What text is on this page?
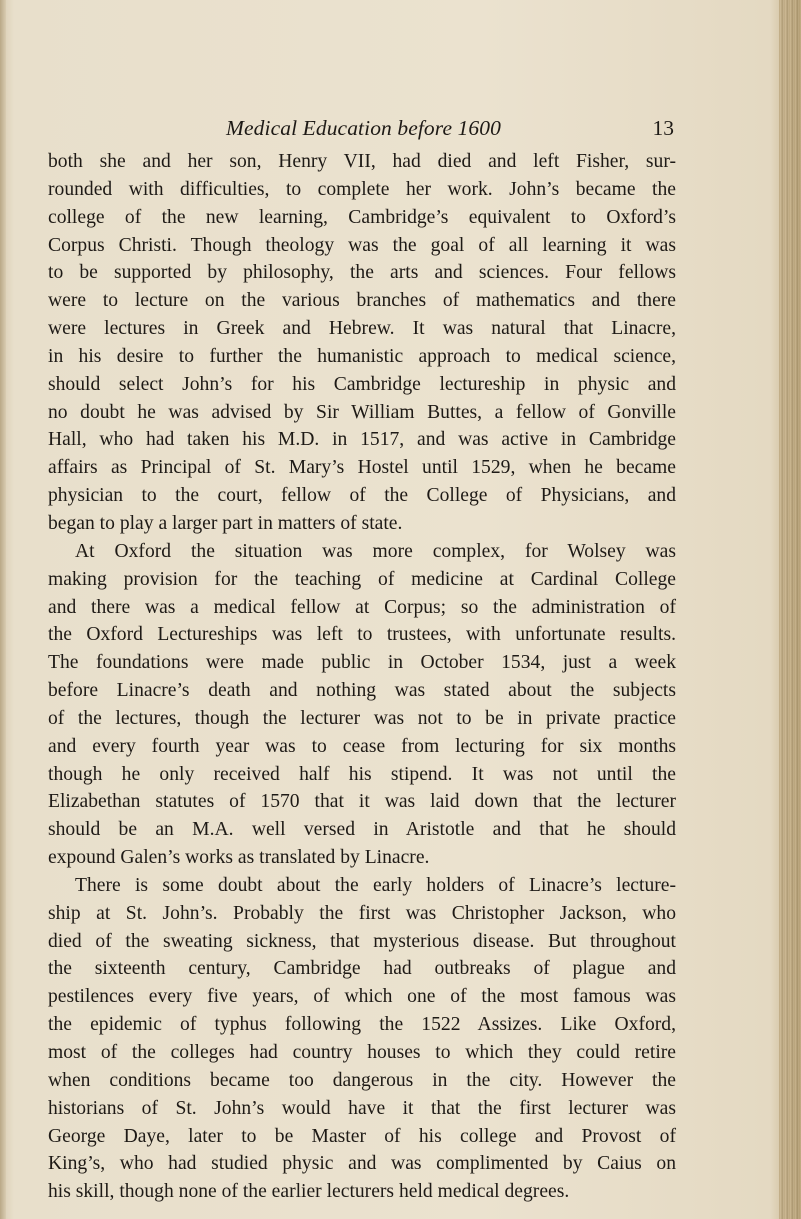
Medical Education before 1600	13
both she and her son, Henry VII, had died and left Fisher, sur-
rounded with difficulties, to complete her work. John’s became the
college of the new learning, Cambridge’s equivalent to Oxford’s
Corpus Christi. Though theology was the goal of all learning it was
to be supported by philosophy, the arts and sciences. Four fellows
were to lecture on the various branches of mathematics and there
were lectures in Greek and Hebrew. It was natural that Linacre,
in his desire to further the humanistic approach to medical science,
should select John’s for his Cambridge lectureship in physic and
no doubt he was advised by Sir William Buttes, a fellow of Gonville
Hall, who had taken his M.D. in 1517, and was active in Cambridge
affairs as Principal of St. Mary’s Hostel until 1529, when he became
physician to the court, fellow of the College of Physicians, and
began to play a larger part in matters of state.
At Oxford the situation was more complex, for Wolsey was
making provision for the teaching of medicine at Cardinal College
and there was a medical fellow at Corpus; so the administration of
the Oxford Lectureships was left to trustees, with unfortunate results.
The foundations were made public in October 1534, just a week
before Linacre’s death and nothing was stated about the subjects
of the lectures, though the lecturer was not to be in private practice
and every fourth year was to cease from lecturing for six months
though he only received half his stipend. It was not until the
Elizabethan statutes of 1570 that it was laid down that the lecturer
should be an M.A. well versed in Aristotle and that he should
expound Galen’s works as translated by Linacre.
There is some doubt about the early holders of Linacre’s lecture-
ship at St. John’s. Probably the first was Christopher Jackson, who
died of the sweating sickness, that mysterious disease. But throughout
the sixteenth century, Cambridge had outbreaks of plague and
pestilences every five years, of which one of the most famous was
the epidemic of typhus following the 1522 Assizes. Like Oxford,
most of the colleges had country houses to which they could retire
when conditions became too dangerous in the city. However the
historians of St. John’s would have it that the first lecturer was
George Daye, later to be Master of his college and Provost of
King’s, who had studied physic and was complimented by Caius on
his skill, though none of the earlier lecturers held medical degrees.
